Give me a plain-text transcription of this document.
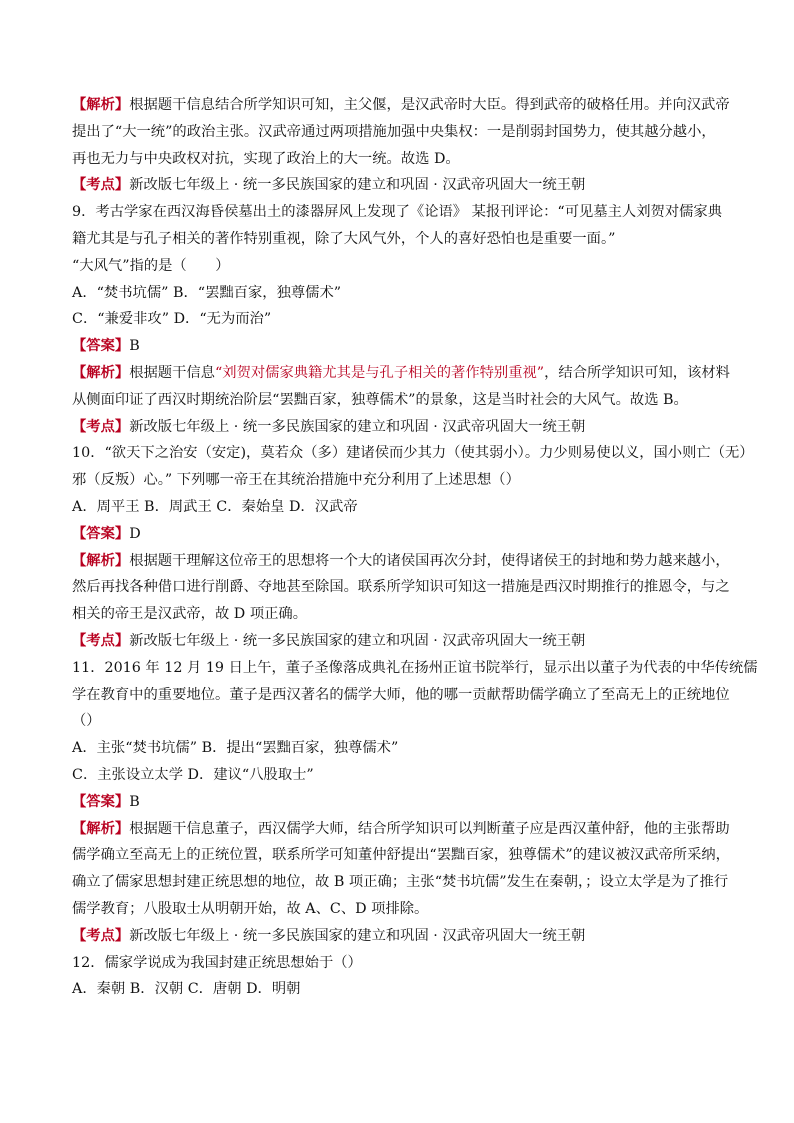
【解析】根据题干信息结合所学知识可知，主父偃，是汉武帝时大臣。得到武帝的破格任用。并向汉武帝
提出了“大一统”的政治主张。汉武帝通过两项措施加强中央集权：一是削弱封国势力，使其越分越小，
再也无力与中央政权对抗，实现了政治上的大一统。故选 D。
【考点】新改版七年级上 · 统一多民族国家的建立和巩固 · 汉武帝巩固大一统王朝
9．考古学家在西汉海昏侯墓出土的漆器屏风上发现了《论语》 某报刊评论：“可见墓主人刘贺对儒家典
籍尤其是与孔子相关的著作特别重视，除了大风气外，个人的喜好恐怕也是重要一面。”
“大风气”指的是（　　）
A．“焚书坑儒” B．“罢黜百家，独尊儒术”
C．“兼爱非攻” D．“无为而治”
【答案】B
【解析】根据题干信息“刘贺对儒家典籍尤其是与孔子相关的著作特别重视”，结合所学知识可知，该材料
从侧面印证了西汉时期统治阶层“罢黜百家，独尊儒术”的景象，这是当时社会的大风气。故选 B。
【考点】新改版七年级上 · 统一多民族国家的建立和巩固 · 汉武帝巩固大一统王朝
10．“欲天下之治安（安定)，莫若众（多）建诸侯而少其力（使其弱小）。力少则易使以义，国小则亡（无）
邪（反叛）心。” 下列哪一帝王在其统治措施中充分利用了上述思想（）
A．周平王 B．周武王 C．秦始皇 D．汉武帝
【答案】D
【解析】根据题干理解这位帝王的思想将一个大的诸侯国再次分封，使得诸侯王的封地和势力越来越小，
然后再找各种借口进行削爵、夺地甚至除国。联系所学知识可知这一措施是西汉时期推行的推恩令，与之
相关的帝王是汉武帝，故 D 项正确。
【考点】新改版七年级上 · 统一多民族国家的建立和巩固 · 汉武帝巩固大一统王朝
11．2016 年 12 月 19 日上午，董子圣像落成典礼在扬州正谊书院举行，显示出以董子为代表的中华传统儒
学在教育中的重要地位。董子是西汉著名的儒学大师，他的哪一贡献帮助儒学确立了至高无上的正统地位
（）
A．主张“焚书坑儒” B．提出“罢黜百家，独尊儒术”
C．主张设立太学 D．建议“八股取士”
【答案】B
【解析】根据题干信息董子，西汉儒学大师，结合所学知识可以判断董子应是西汉董仲舒，他的主张帮助
儒学确立至高无上的正统位置，联系所学可知董仲舒提出“罢黜百家，独尊儒术”的建议被汉武帝所采纳，
确立了儒家思想封建正统思想的地位，故 B 项正确；主张“焚书坑儒”发生在秦朝，；设立太学是为了推行
儒学教育；八股取士从明朝开始，故 A、C、D 项排除。
【考点】新改版七年级上 · 统一多民族国家的建立和巩固 · 汉武帝巩固大一统王朝
12．儒家学说成为我国封建正统思想始于（）
A．秦朝 B．汉朝 C．唐朝 D．明朝
